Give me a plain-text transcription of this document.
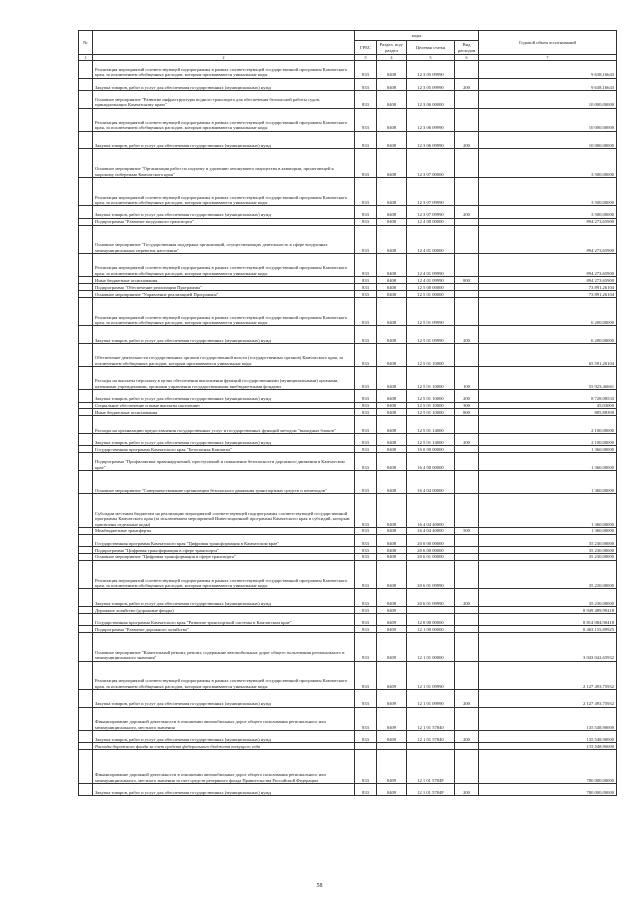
№		коды				Годовой объем ассигнований
		ГРБС	Раздел, под-раздел	Целевая статья	Вид расходов	
1	2	3	4	5	6	7
	Реализация мероприятий соответствующей подпрограммы в рамках соответствующей государственной программы Камчатского края, за исключением обобщенных расходов, которым присваиваются уникальные коды	833	0408	12 3 05 09990		9 638,16643
	Закупка товаров, работ и услуг для обеспечения государственных (муниципальных) нужд	833	0408	12 3 05 09990	200	9 638,16643
	Основное мероприятие "Развитие инфраструктуры водного транспорта для обеспечения безопасной работы судов, принадлежащих Камчатскому краю"	833	0408	12 3 06 00000		10 000,00000
	Реализация мероприятий соответствующей подпрограммы в рамках соответствующей государственной программы Камчатского края, за исключением обобщенных расходов, которым присваиваются уникальные коды	833	0408	12 3 06 09990		10 000,00000
	Закупка товаров, работ и услуг для обеспечения государственных (муниципальных) нужд	833	0408	12 3 06 09990	200	10 000,00000
	Основное мероприятие "Организация работ по подъему и удалению затонувшего имущества в акватории, прилегающей к морскому побережью Камчатского края"	833	0408	12 3 07 00000		3 500,00000
	Реализация мероприятий соответствующей подпрограммы в рамках соответствующей государственной программы Камчатского края, за исключением обобщенных расходов, которым присваиваются уникальные коды	833	0408	12 3 07 09990		3 500,00000
	Закупка товаров, работ и услуг для обеспечения государственных (муниципальных) нужд	833	0408	12 3 07 09990	200	3 500,00000
	Подпрограмма "Развитие воздушного транспорта"	833	0408	12 4 00 00000		894 273,65900
	Основное мероприятие "Государственная поддержка организаций, осуществляющих деятельность в сфере воздушных межмуниципальных перевозок населения"	833	0408	12 4 01 00000		894 273,65900
	Реализация мероприятий соответствующей подпрограммы в рамках соответствующей государственной программы Камчатского края, за исключением обобщенных расходов, которым присваиваются уникальные коды	833	0408	12 4 01 09990		894 273,65900
	Иные бюджетные ассигнования	833	0408	12 4 01 09990	800	894 273,65900
	Подпрограмма "Обеспечение реализации Программы"	833	0408	12 5 00 00000		73 891,26104
	Основное мероприятие "Управление реализацией Программы"	833	0408	12 5 01 00000		73 891,26104
	Реализация мероприятий соответствующей подпрограммы в рамках соответствующей государственной программы Камчатского края, за исключением обобщенных расходов, которым присваиваются уникальные коды	833	0408	12 5 01 09990		6 200,00000
	Закупка товаров, работ и услуг для обеспечения государственных (муниципальных) нужд	833	0408	12 5 01 09990	200	6 200,00000
	Обеспечение деятельности государственных органов государственной власти (государственных органов) Камчатского края, за исключением обобщенных расходов, которым присваиваются уникальные коды	833	0408	12 5 01 10000		65 591,26104
	Расходы на выплаты персоналу в целях обеспечения выполнения функций государственными (муниципальными) органами, казенными учреждениями, органами управления государственными внебюджетными фондами	833	0408	12 5 01 10000	100	55 923,46661
	Закупка товаров, работ и услуг для обеспечения государственных (муниципальных) нужд	833	0408	12 5 01 10000	200	8 728,08533
	Социальное обеспечение и иные выплаты населению	833	0408	12 5 01 10000	300	45,03000
	Иные бюджетные ассигнования	833	0408	12 5 01 10000	800	885,88390
	Расходы на организацию предоставления государственных услуг и государственных функций методом "выходных блоков"	833	0408	12 5 01 14000		2 100,00000
	Закупка товаров, работ и услуг для обеспечения государственных (муниципальных) нужд	833	0408	12 5 01 14000	200	2 100,00000
	Государственная программа Камчатского края "Безопасная Камчатка"	833	0408	16 0 00 00000		1 360,00000
	Подпрограмма "Профилактика правонарушений, преступлений и повышение безопасности дорожного движения в Камчатском крае"	833	0408	16 4 00 00000		1 360,00000
	Основное мероприятие "Совершенствование организации безопасного движения транспортных средств и пешеходов"	833	0408	16 4 04 00000		1 360,00000
	Субсидии местным бюджетам на реализацию мероприятий соответствующей подпрограммы соответствующей государственной программы Камчатского края (за исключением мероприятий Инвестиционной программы Камчатского края и субсидий, которым присвоены отдельные коды)	833	0408	16 4 04 40000		1 360,00000
	Межбюджетные трансферты	833	0408	16 4 04 40000	500	1 360,00000
	Государственная программа Камчатского края "Цифровая трансформация в Камчатском крае"	833	0408	20 0 00 00000		35 230,00000
	Подпрограмма "Цифровая трансформация в сфере транспорта"	833	0408	20 6 00 00000		35 230,00000
	Основное мероприятие "Цифровая трансформация в сфере транспорта"	833	0408	20 6 01 00000		35 230,00000
	Реализация мероприятий соответствующей подпрограммы в рамках соответствующей государственной программы Камчатского края, за исключением обобщенных расходов, которым присваиваются уникальные коды	833	0408	20 6 01 09990		35 230,00000
	Закупка товаров, работ и услуг для обеспечения государственных (муниципальных) нужд	833	0408	20 6 01 09990	200	35 230,00000
	Дорожное хозяйство (дорожные фонды)	833	0409			8 949 489,99218
	Государственная программа Камчатского края "Развитие транспортной системы в Камчатском крае"	833	0409	12 0 00 00000		8 814 084,90418
	Подпрограмма "Развитие дорожного хозяйства"	833	0409	12 1 00 00000		8 463 155,89925
	Основное мероприятие "Капитальный ремонт, ремонт, содержание автомобильных дорог общего пользования регионального и межмуниципального значения"	833	0409	12 1 01 00000		3 043 042,65932
	Реализация мероприятий соответствующей подпрограммы в рамках соответствующей государственной программы Камчатского края, за исключением обобщенных расходов, которым присваиваются уникальные коды	833	0409	12 1 01 09990		2 127 493,75932
	Закупка товаров, работ и услуг для обеспечения государственных (муниципальных) нужд	833	0409	12 1 01 09990	200	2 127 493,75932
	Финансирование дорожной деятельности в отношении автомобильных дорог общего пользования регионального или межмуниципального, местного значения	833	0409	12 1 01 57840		135 548,90000
	Закупка товаров, работ и услуг для обеспечения государственных (муниципальных) нужд	833	0409	12 1 01 57840	200	135 548,90000
	Расходы дорожного фонда за счет средств федерального бюджета текущего года					135 548,90000
	Финансирование дорожной деятельности в отношении автомобильных дорог общего пользования регионального или межмуниципального, местного значения за счет средств резервного фонда Правительства Российской Федерации	833	0409	12 1 01 5784F		780 000,00000
	Закупка товаров, работ и услуг для обеспечения государственных (муниципальных) нужд	833	0409	12 1 01 5784F	200	780 000,00000
58
